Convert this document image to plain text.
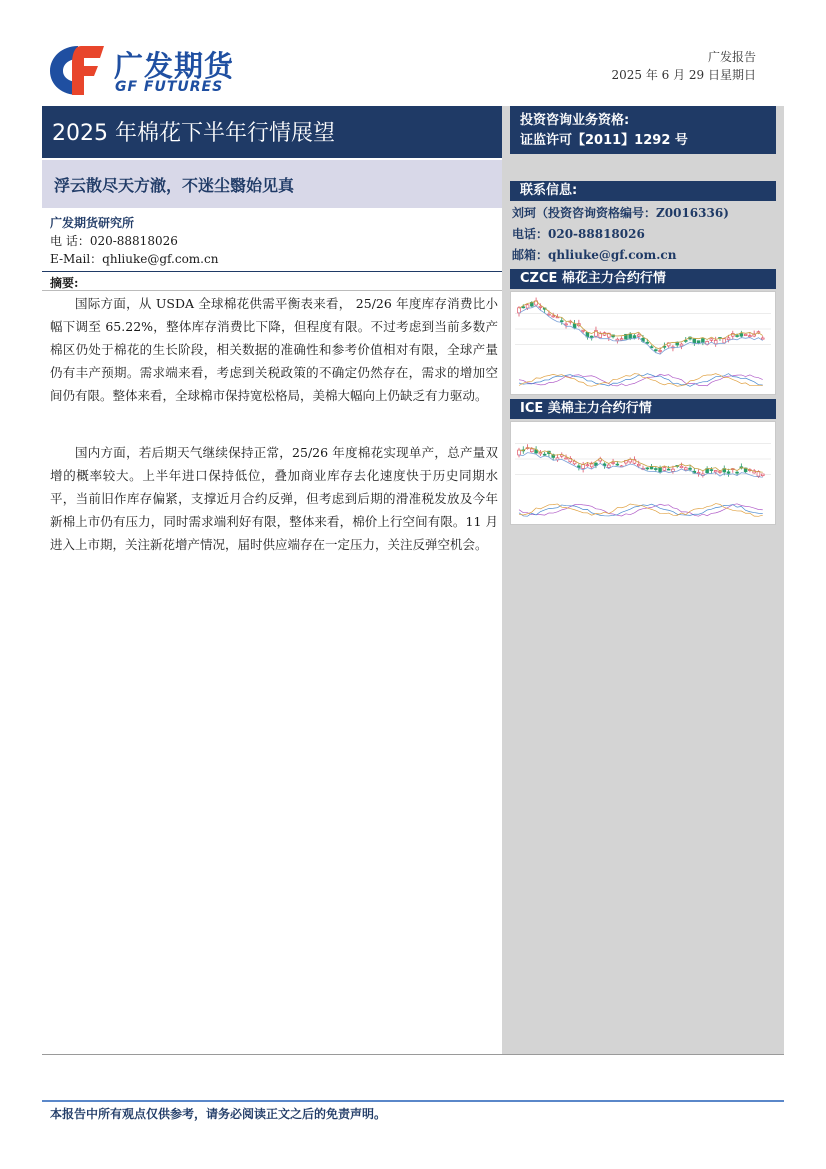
广发期货
GF FUTURES
广发报告
2025 年 6 月 29 日星期日
2025 年棉花下半年行情展望
浮云散尽天方澈，不迷尘翳始见真
广发期货研究所
电 话：020-88818026
E-Mail：qhliuke@gf.com.cn
摘要:
国际方面，从 USDA 全球棉花供需平衡表来看， 25/26 年度库存消费比小幅下调至 65.22%，整体库存消费比下降，但程度有限。不过考虑到当前多数产棉区仍处于棉花的生长阶段，相关数据的准确性和参考价值相对有限，全球产量仍有丰产预期。需求端来看，考虑到关税政策的不确定仍然存在，需求的增加空间仍有限。整体来看，全球棉市保持宽松格局，美棉大幅向上仍缺乏有力驱动。
国内方面，若后期天气继续保持正常，25/26 年度棉花实现单产，总产量双增的概率较大。上半年进口保持低位，叠加商业库存去化速度快于历史同期水平，当前旧作库存偏紧，支撑近月合约反弹，但考虑到后期的滑准税发放及今年新棉上市仍有压力，同时需求端利好有限，整体来看，棉价上行空间有限。11 月进入上市期，关注新花增产情况，届时供应端存在一定压力，关注反弹空机会。
投资咨询业务资格:
证监许可【2011】1292 号
联系信息:
刘珂（投资咨询资格编号：Z0016336)
电话：020-88818026
邮箱：qhliuke@gf.com.cn
CZCE 棉花主力合约行情
ICE 美棉主力合约行情
本报告中所有观点仅供参考，请务必阅读正文之后的免责声明。
